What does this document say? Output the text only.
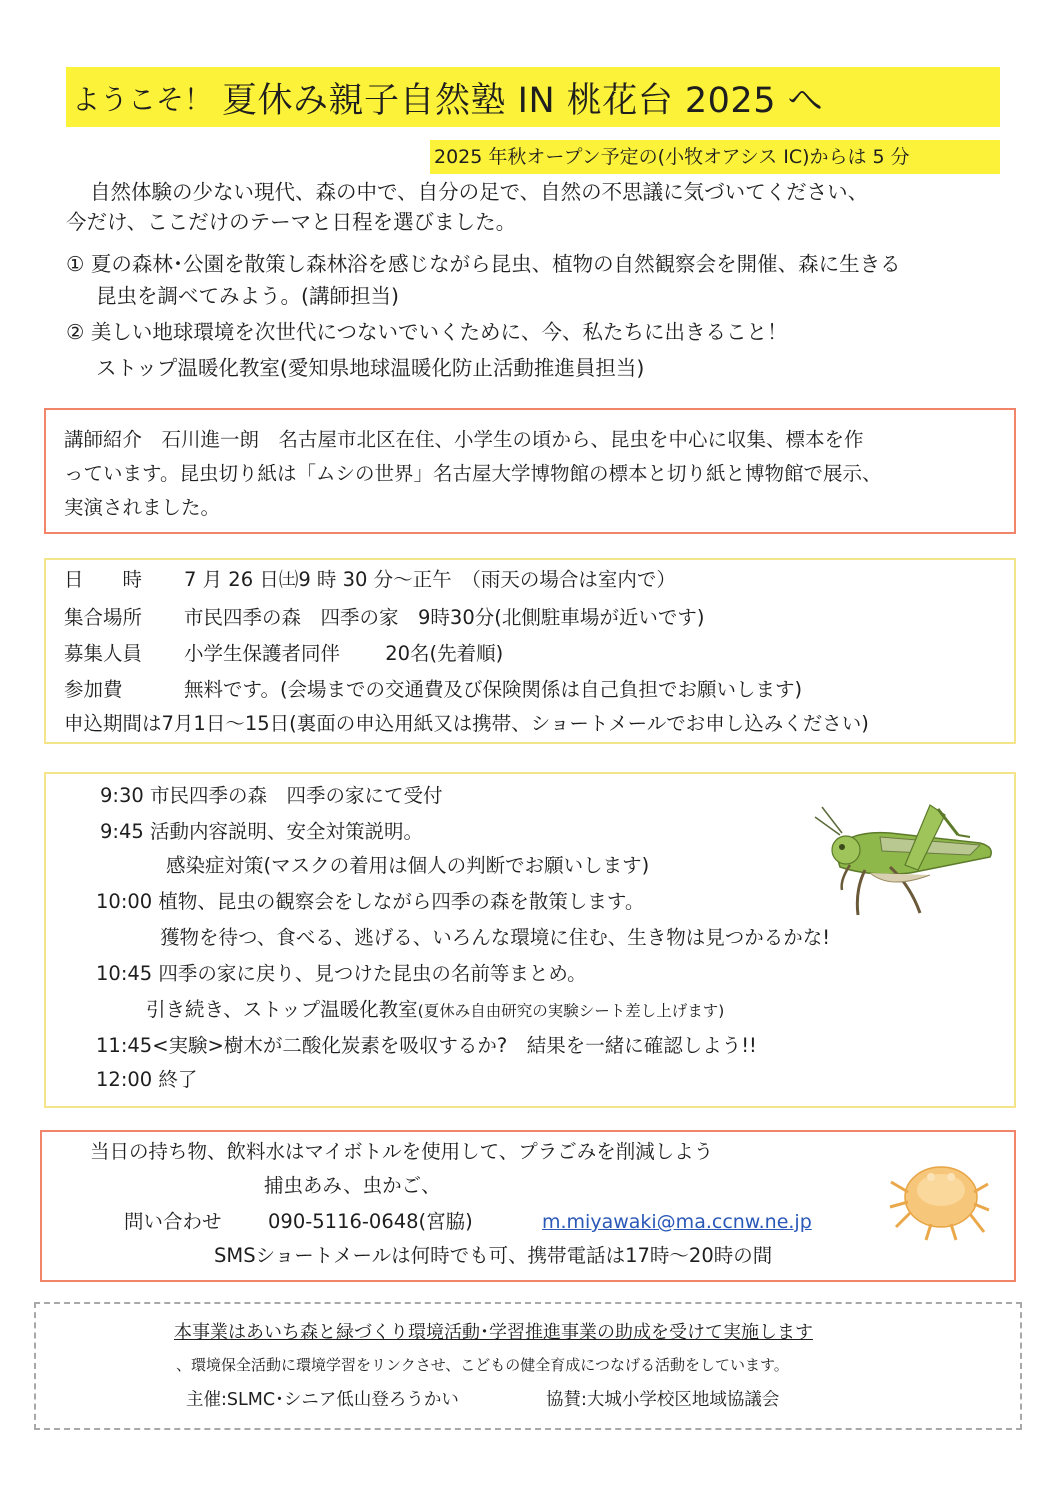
ようこそ！ 夏休み親子自然塾 IN 桃花台 2025 へ
2025 年秋オープン予定の(小牧オアシス IC)からは 5 分
自然体験の少ない現代、森の中で、自分の足で、自然の不思議に気づいてください、
今だけ、ここだけのテーマと日程を選びました。
① 夏の森林･公園を散策し森林浴を感じながら昆虫、植物の自然観察会を開催、森に生きる
昆虫を調べてみよう。(講師担当)
② 美しい地球環境を次世代につないでいくために、今、私たちに出きること！
ストップ温暖化教室(愛知県地球温暖化防止活動推進員担当)
講師紹介　石川進一朗　名古屋市北区在住、小学生の頃から、昆虫を中心に収集、標本を作
っています。昆虫切り紙は「ムシの世界」名古屋大学博物館の標本と切り紙と博物館で展示、
実演されました。
日　　時 7 月 26 日㈯9 時 30 分～正午　（雨天の場合は室内で）
集合場所 市民四季の森　四季の家　9時30分(北側駐車場が近いです)
募集人員 小学生保護者同伴　　 20名(先着順)
参加費	無料です。(会場までの交通費及び保険関係は自己負担でお願いします)
申込期間は7月1日～15日(裏面の申込用紙又は携帯、ショートメールでお申し込みください)
9:30 市民四季の森　四季の家にて受付
9:45 活動内容説明、安全対策説明。
感染症対策(マスクの着用は個人の判断でお願いします)
10:00 植物、昆虫の観察会をしながら四季の森を散策します。
獲物を待つ、食べる、逃げる、いろんな環境に住む、生き物は見つかるかな!
10:45 四季の家に戻り、見つけた昆虫の名前等まとめ。
引き続き、ストップ温暖化教室(夏休み自由研究の実験シート差し上げます)
11:45<実験>樹木が二酸化炭素を吸収するか?　結果を一緒に確認しよう!!
12:00 終了
当日の持ち物、飲料水はマイボトルを使用して、プラごみを削減しよう
捕虫あみ、虫かご、
問い合わせ 090-5116-0648(宮脇)	m.miyawaki@ma.ccnw.ne.jp
SMSショートメールは何時でも可、携帯電話は17時～20時の間
本事業はあいち森と緑づくり環境活動･学習推進事業の助成を受けて実施します
、環境保全活動に環境学習をリンクさせ、こどもの健全育成につなげる活動をしています。
主催:SLMC･シニア低山登ろうかい	協賛:大城小学校区地域協議会
